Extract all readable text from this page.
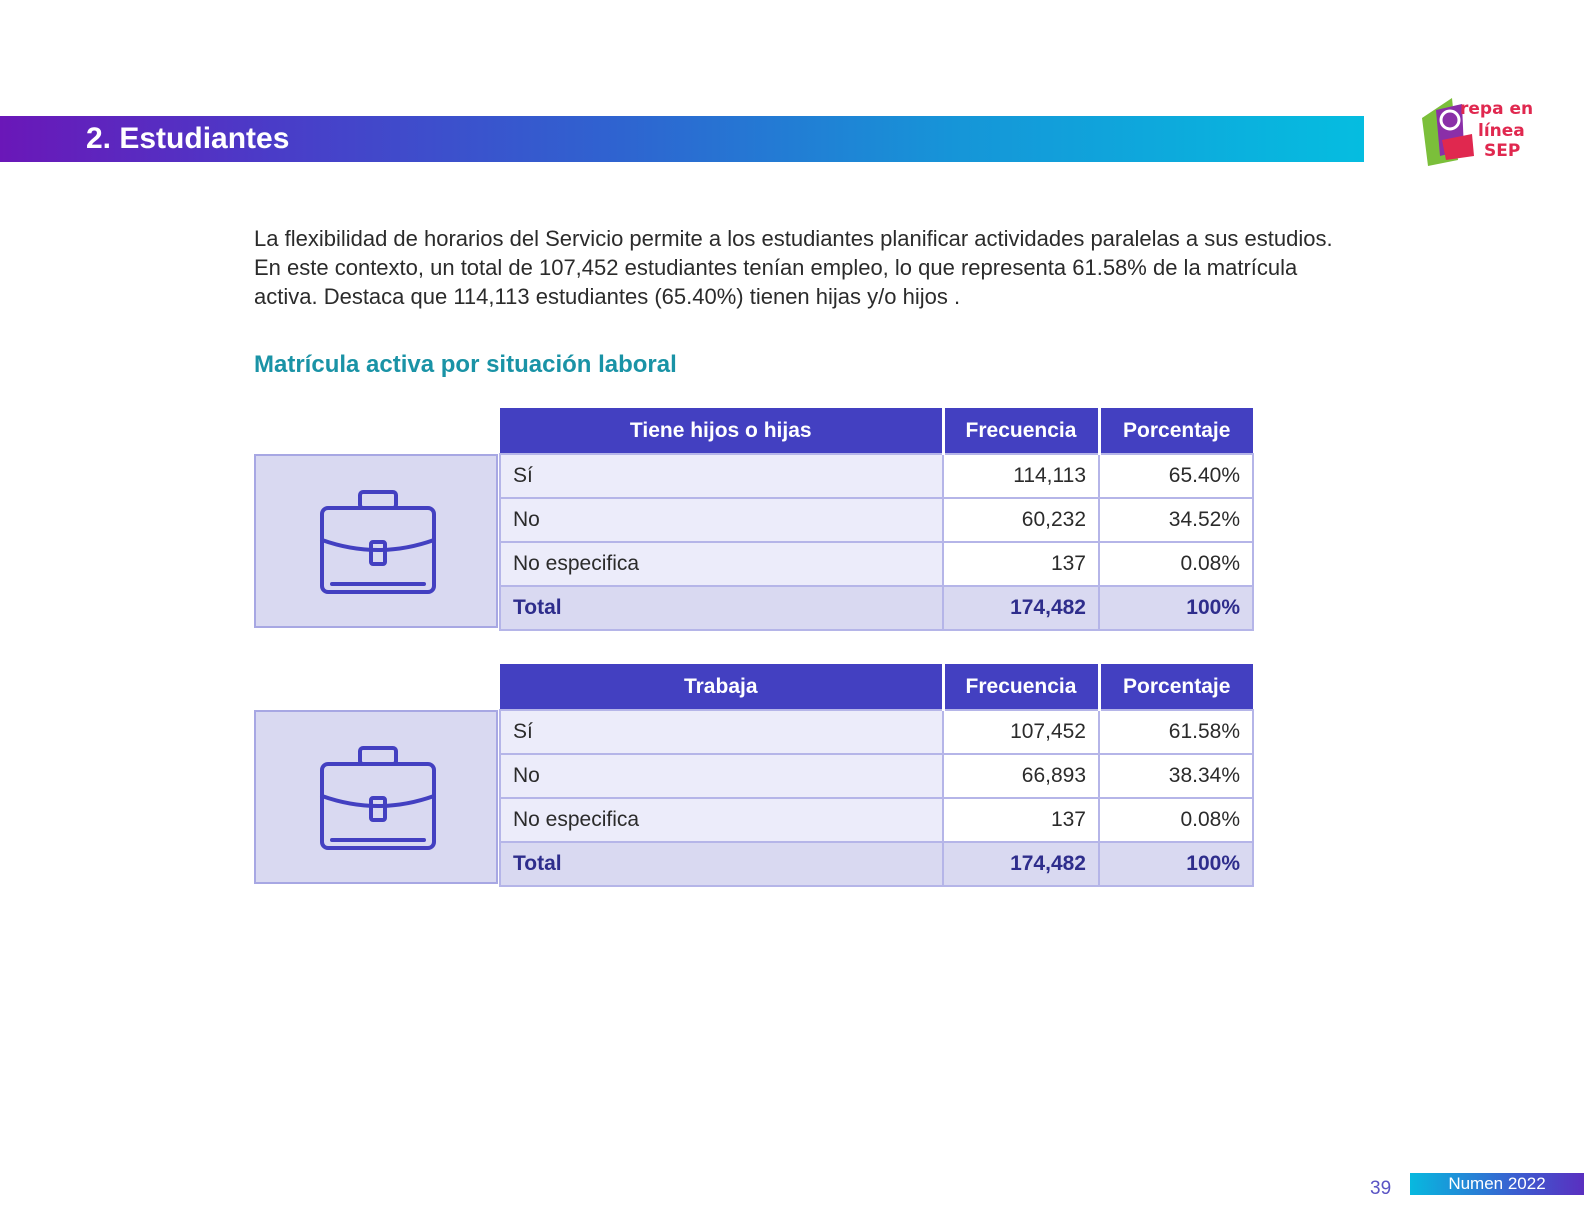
2. Estudiantes
repa en
línea
SEP

La flexibilidad de horarios del Servicio permite a los estudiantes planificar actividades paralelas a sus estudios. En este contexto, un total de 107,452 estudiantes tenían empleo, lo que representa 61.58% de la matrícula activa. Destaca que 114,113 estudiantes (65.40%) tienen hijas y/o hijos .

Matrícula activa por situación laboral
Tiene hijos o hijas	Frecuencia	Porcentaje
Sí	114,113	65.40%
No	60,232	34.52%
No especifica	137	0.08%
Total	174,482	100%
Trabaja	Frecuencia	Porcentaje
Sí	107,452	61.58%
No	66,893	38.34%
No especifica	137	0.08%
Total	174,482	100%
39	Numen 2022
